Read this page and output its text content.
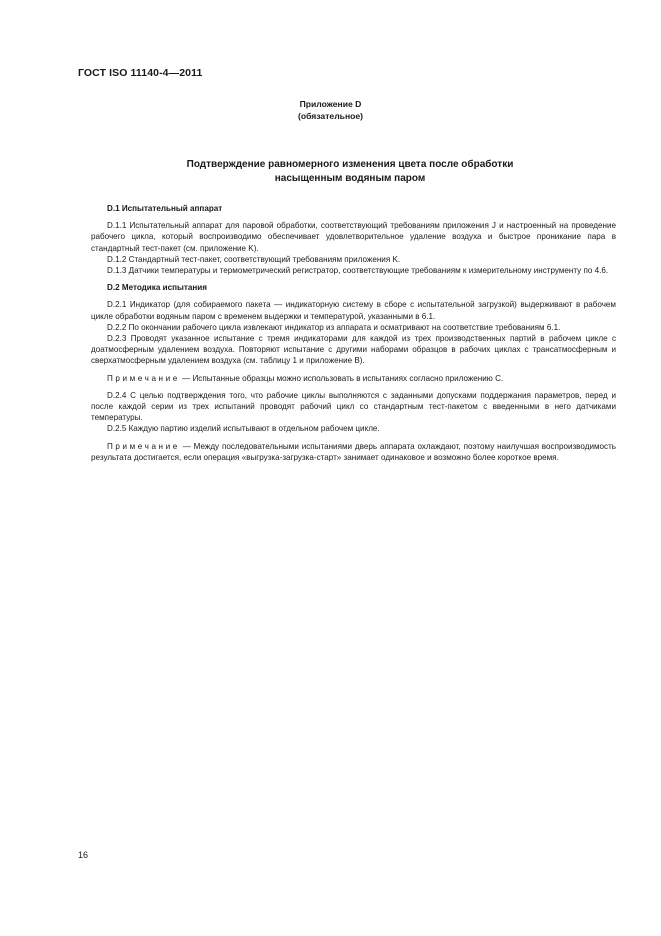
ГОСТ ISO 11140-4—2011
Приложение D
(обязательное)
Подтверждение равномерного изменения цвета после обработки
насыщенным водяным паром

D.1 Испытательный аппарат

D.1.1 Испытательный аппарат для паровой обработки, соответствующий требованиям приложения J и настроенный на проведение рабочего цикла, который воспроизводимо обеспечивает удовлетворительное удаление воздуха и быстрое проникание пара в стандартный тест-пакет (см. приложение K).

D.1.2 Стандартный тест-пакет, соответствующий требованиям приложения K.

D.1.3 Датчики температуры и термометрический регистратор, соответствующие требованиям к измерительному инструменту по 4.6.

D.2 Методика испытания

D.2.1 Индикатор (для собираемого пакета — индикаторную систему в сборе с испытательной загрузкой) выдерживают в рабочем цикле обработки водяным паром с временем выдержки и температурой, указанными в 6.1.

D.2.2 По окончании рабочего цикла извлекают индикатор из аппарата и осматривают на соответствие требованиям 6.1.

D.2.3 Проводят указанное испытание с тремя индикаторами для каждой из трех производственных партий в рабочем цикле с доатмосферным удалением воздуха. Повторяют испытание с другими наборами образцов в рабочих циклах с трансатмосферным и сверхатмосферным удалением воздуха (см. таблицу 1 и приложение B).

Примечание — Испытанные образцы можно использовать в испытаниях согласно приложению C.

D.2.4 С целью подтверждения того, что рабочие циклы выполняются с заданными допусками поддержания параметров, перед и после каждой серии из трех испытаний проводят рабочий цикл со стандартным тест-пакетом с введенными в него датчиками температуры.

D.2.5 Каждую партию изделий испытывают в отдельном рабочем цикле.

Примечание — Между последовательными испытаниями дверь аппарата охлаждают, поэтому наилучшая воспроизводимость результата достигается, если операция «выгрузка-загрузка-старт» занимает одинаковое и возможно более короткое время.

16
